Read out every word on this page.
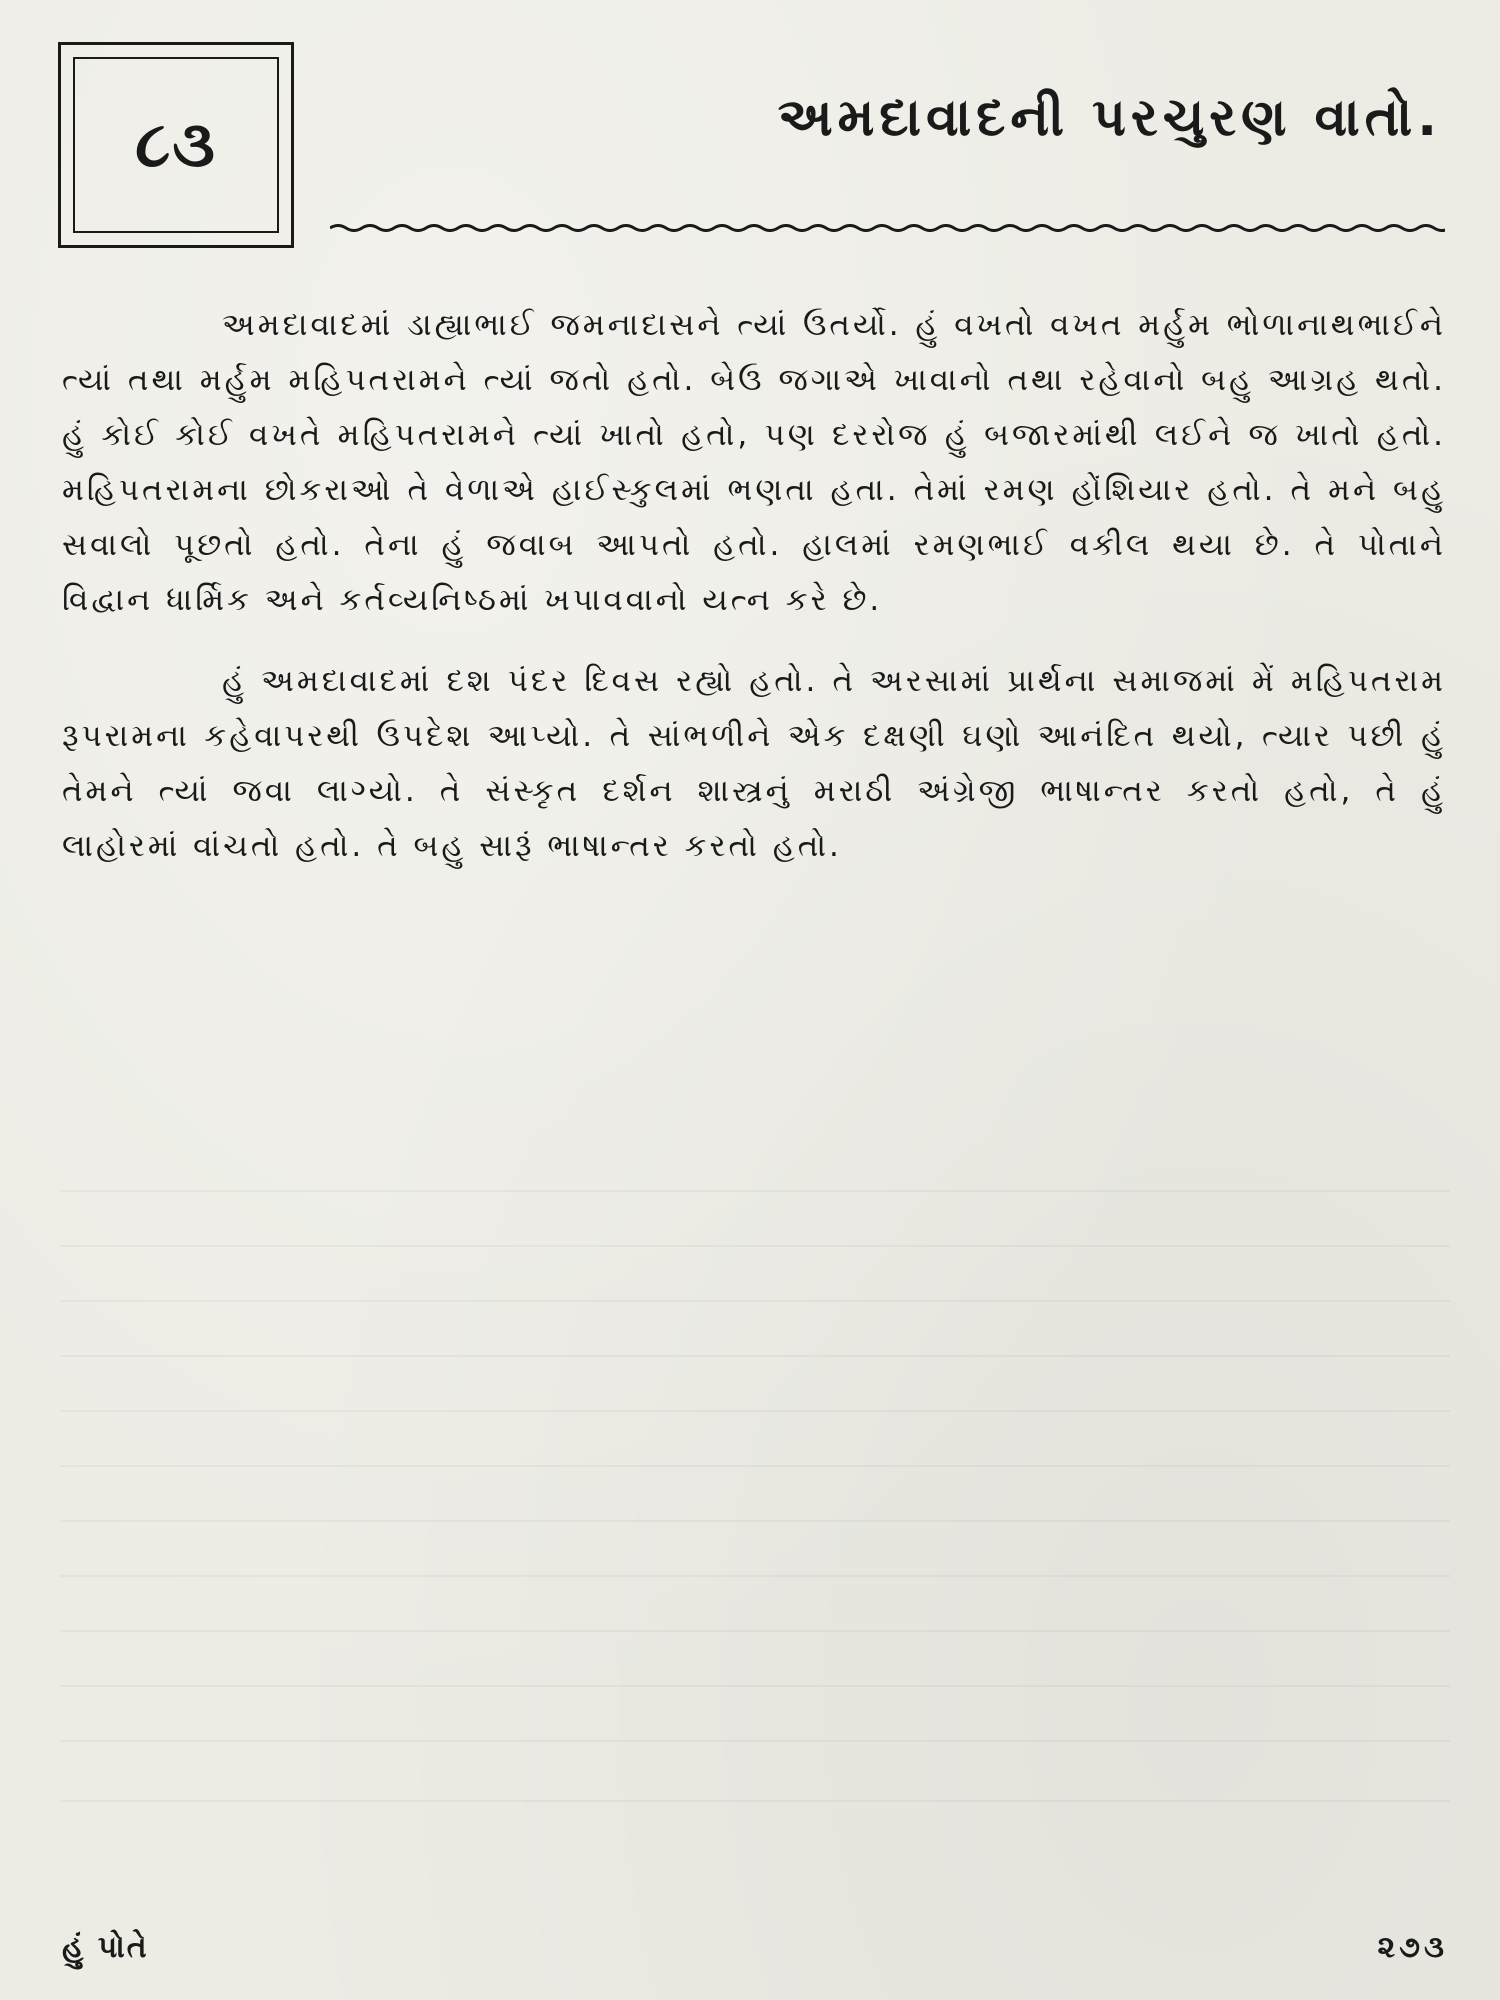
૮૩	અમદાવાદની પરચુરણ વાતો.

અમદાવાદમાં ડાહ્યાભાઈ જમનાદાસને ત્યાં ઉતર્યો. હું વખતો વખત મર્હુમ ભોળાનાથભાઈને ત્યાં તથા મર્હુમ મહિપતરામને ત્યાં જતો હતો. બેઉ જગાએ ખાવાનો તથા રહેવાનો બહુ આગ્રહ થતો. હું કોઈ કોઈ વખતે મહિપતરામને ત્યાં ખાતો હતો, પણ દરરોજ હું બજારમાંથી લઈને જ ખાતો હતો. મહિપતરામના છોકરાઓ તે વેળાએ હાઈસ્કુલમાં ભણતા હતા. તેમાં રમણ હોંશિયાર હતો. તે મને બહુ સવાલો પૂછતો હતો. તેના હું જવાબ આપતો હતો. હાલમાં રમણભાઈ વકીલ થયા છે. તે પોતાને વિદ્વાન ધાર્મિક અને કર્તવ્યનિષ્ઠમાં ખપાવવાનો યત્ન કરે છે.

હું અમદાવાદમાં દશ પંદર દિવસ રહ્યો હતો. તે અરસામાં પ્રાર્થના સમાજમાં મેં મહિપતરામ રૂપરામના કહેવાપરથી ઉપદેશ આપ્યો. તે સાંભળીને એક દક્ષણી ઘણો આનંદિત થયો, ત્યાર પછી હું તેમને ત્યાં જવા લાગ્યો. તે સંસ્કૃત દર્શન શાસ્ત્રનું મરાઠી અંગ્રેજી ભાષાન્તર કરતો હતો, તે હું લાહોરમાં વાંચતો હતો. તે બહુ સારૂં ભાષાન્તર કરતો હતો.

હું પોતે	૨૭૩
